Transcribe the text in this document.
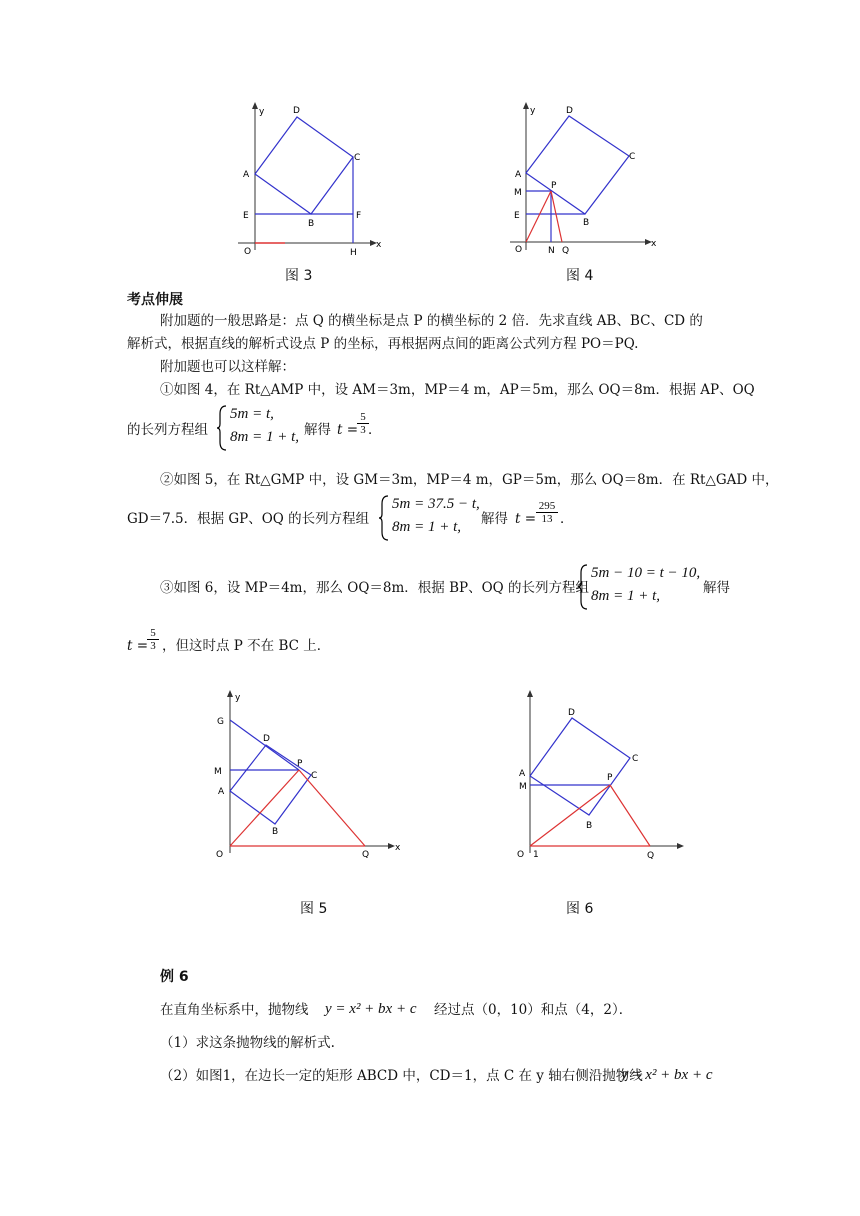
y	D
C
A
E
B
F
O	H
x
图 3
y	D
C
A
M
P
E
B
O	N Q
x
图 4
考点伸展
附加题的一般思路是：点 Q 的横坐标是点 P 的横坐标的 2 倍．先求直线 AB、BC、CD 的
解析式，根据直线的解析式设点 P 的坐标，再根据两点间的距离公式列方程 PO＝PQ.
附加题也可以这样解：
①如图 4，在 Rt△AMP 中，设 AM＝3m，MP＝4 m，AP＝5m，那么 OQ＝8m．根据 AP、OQ
的长列方程组
5m = t,
8m = 1 + t, 解得 t =
$\frac{5}{3}$ ．
②如图 5，在 Rt△GMP 中，设 GM＝3m，MP＝4 m，GP＝5m，那么 OQ＝8m．在 Rt△GAD 中，
GD＝7.5．根据 GP、OQ 的长列方程组
5m = 37.5 − t,
8m = 1 + t, 解得 $t = \frac{295}{13}$ ．
③如图 6，设 MP＝4m，那么 OQ＝8m．根据 BP、OQ 的长列方程组
5m − 10 = t − 10,
8m = 1 + t,	解得
t =
$\frac{5}{3}$ ，但这时点 P 不在 BC 上．
y
G
D
P
C
M
A
B
O	Q
x
图 5
D
C
A
M
P
B
O 1	Q
图 6
例 6
在直角坐标系中，抛物线 y = x² + bx + c 经过点（0，10）和点（4，2）．
（1）求这条抛物线的解析式.
（2）如图1，在边长一定的矩形 ABCD 中，CD＝1，点 C 在 y 轴右侧沿抛物线
y = x² + bx + c
